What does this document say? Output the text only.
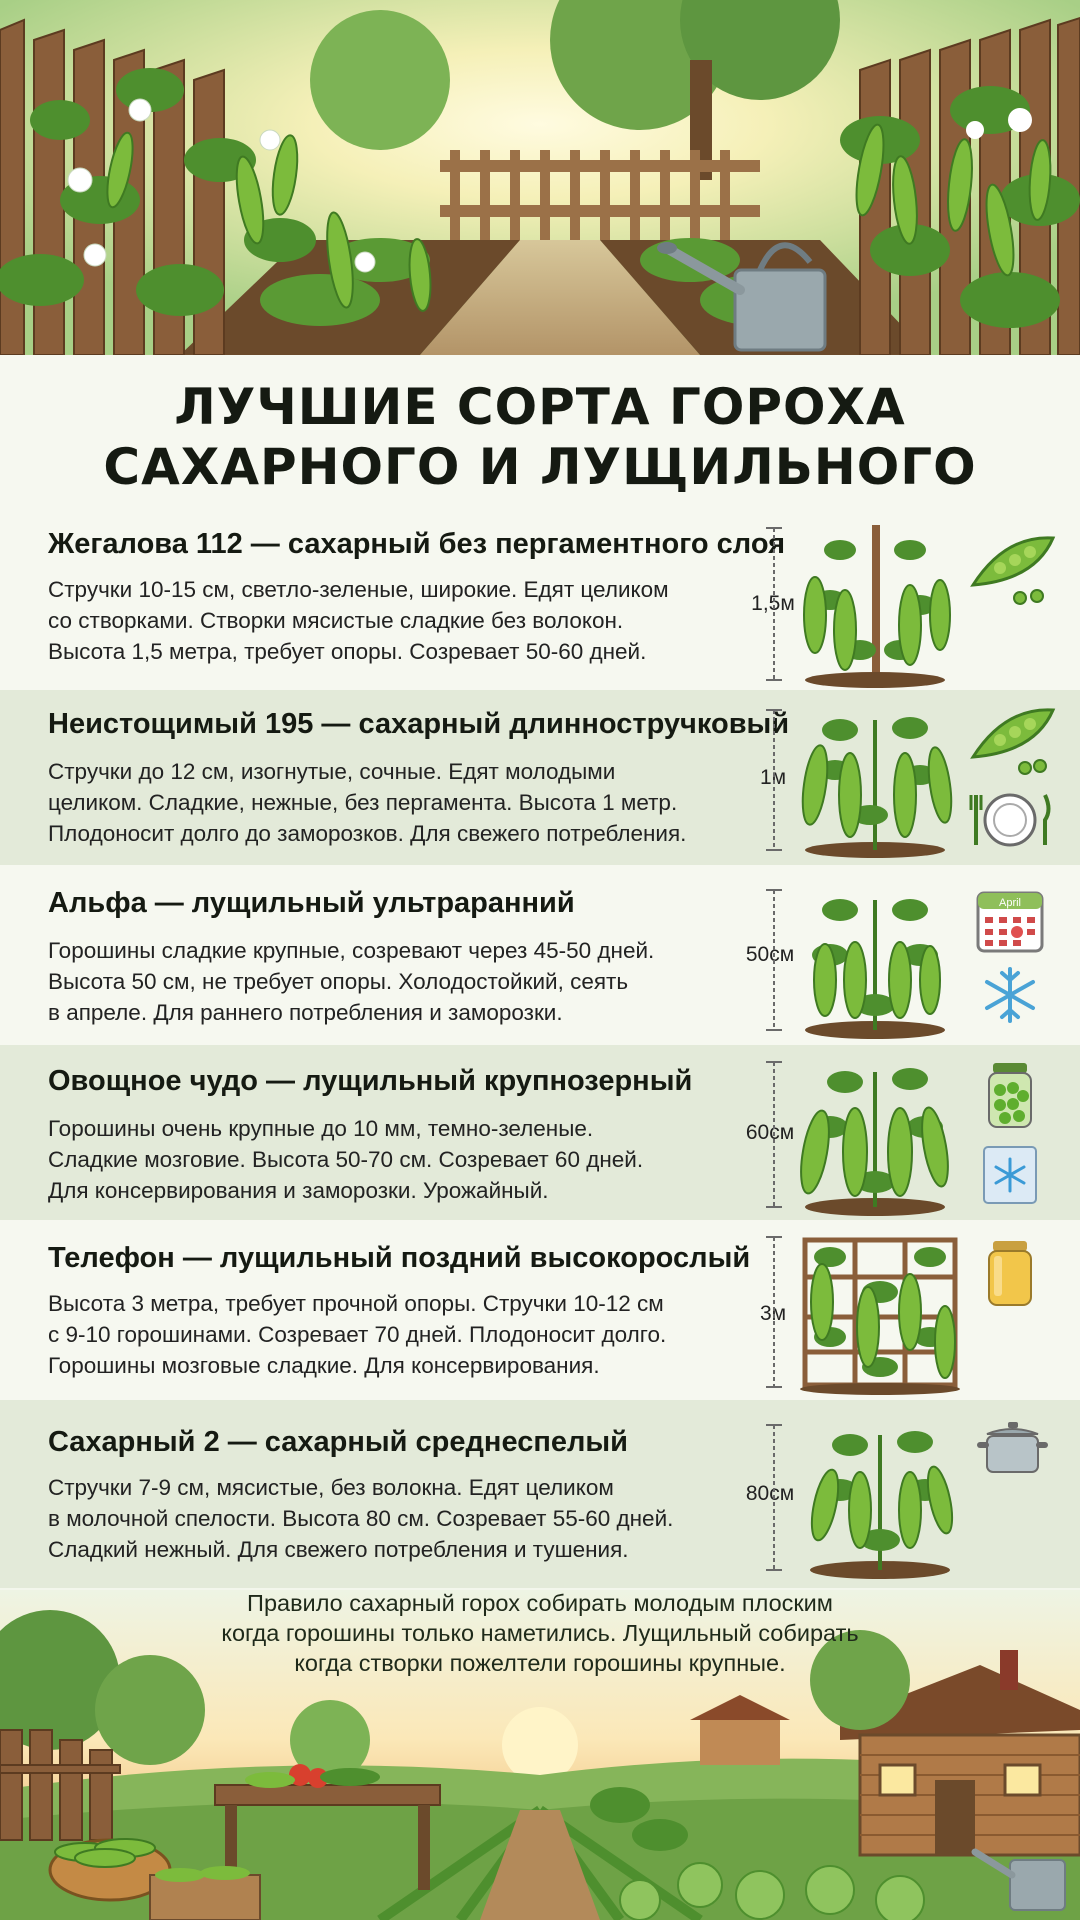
ЛУЧШИЕ СОРТА ГОРОХА
САХАРНОГО И ЛУЩИЛЬНОГО
Жегалова 112 — сахарный без пергаментного слоя
Стручки 10-15 см, светло-зеленые, широкие. Едят целиком
со створками. Створки мясистые сладкие без волокон.
Высота 1,5 метра, требует опоры. Созревает 50-60 дней.
1,5м
Неистощимый 195 — сахарный длинностручковый
Стручки до 12 см, изогнутые, сочные. Едят молодыми
целиком. Сладкие, нежные, без пергамента. Высота 1 метр.
Плодоносит долго до заморозков. Для свежего потребления.
1м
Альфа — лущильный ультраранний
Горошины сладкие крупные, созревают через 45-50 дней.
Высота 50 см, не требует опоры. Холодостойкий, сеять
в апреле. Для раннего потребления и заморозки.
50см
April
Овощное чудо — лущильный крупнозерный
Горошины очень крупные до 10 мм, темно-зеленые.
Сладкие мозговие. Высота 50-70 см. Созревает 60 дней.
Для консервирования и заморозки. Урожайный.
60см
Телефон — лущильный поздний высокорослый
Высота 3 метра, требует прочной опоры. Стручки 10-12 см
с 9-10 горошинами. Созревает 70 дней. Плодоносит долго.
Горошины мозговые сладкие. Для консервирования.
3м
Сахарный 2 — сахарный среднеспелый
Стручки 7-9 см, мясистые, без волокна. Едят целиком
в молочной спелости. Высота 80 см. Созревает 55-60 дней.
Сладкий нежный. Для свежего потребления и тушения.
80см
Правило сахарный горох собирать молодым плоским
когда горошины только наметились. Лущильный собирать
когда створки пожелтели горошины крупные.
